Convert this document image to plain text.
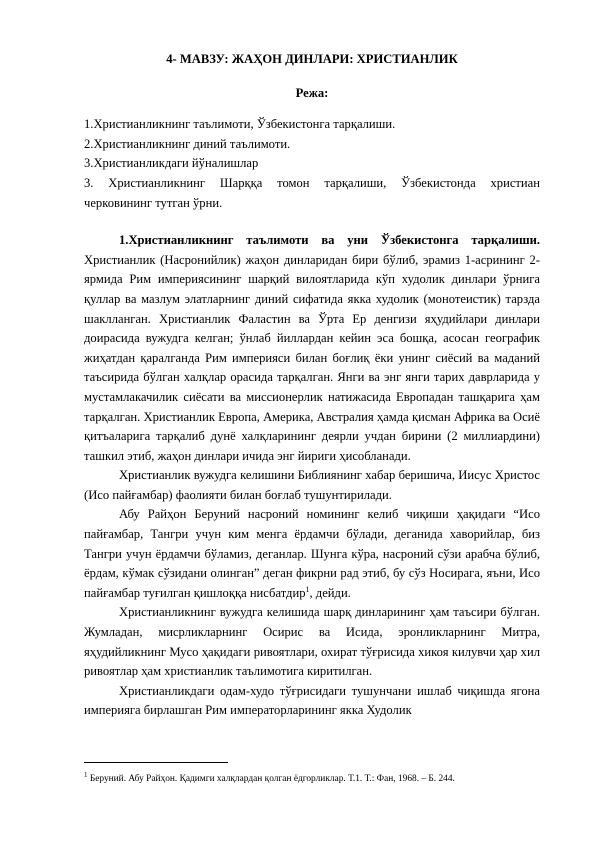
4- МАВЗУ: ЖАҲОН ДИНЛАРИ: ХРИСТИАНЛИК
Режа:
1.Христианликнинг таълимоти, Ўзбекистонга тарқалиши.
2.Христианликнинг диний таълимоти.
3.Христианликдаги йўналишлар
3. Христианликнинг Шарққа томон тарқалиши, Ўзбекистонда христиан черковининг тутган ўрни.

1.Христианликнинг таълимоти ва уни Ўзбекистонга тарқалиши. Христианлик (Насронийлик) жаҳон динларидан бири бўлиб, эрамиз 1-асрининг 2-ярмида Рим империясининг шарқий вилоятларида кўп худолик динлари ўрнига қуллар ва мазлум элатларнинг диний сифатида якка худолик (монотеистик) тарзда шаклланган. Христианлик Фаластин ва Ўрта Ер денгизи яҳудийлари динлари доирасида вужудга келган; ўнлаб йиллардан кейин эса бошқа, асосан географик жиҳатдан қаралганда Рим империяси билан боғлиқ ёки унинг сиёсий ва маданий таъсирида бўлган халқлар орасида тарқалган. Янги ва энг янги тарих даврларида у мустамлакачилик сиёсати ва миссионерлик натижасида Европадан ташқарига ҳам тарқалган. Христианлик Европа, Америка, Австралия ҳамда қисман Африка ва Осиё қитъаларига тарқалиб дунё халқларининг деярли учдан бирини (2 миллиардини) ташкил этиб, жаҳон динлари ичида энг йириги ҳисобланади.

Христианлик вужудга келишини Библиянинг хабар беришича, Иисус Христос (Исо пайғамбар) фаолияти билан боғлаб тушунтирилади.

Абу Райҳон Беруний насроний номининг келиб чиқиши ҳақидаги “Исо пайғамбар, Тангри учун ким менга ёрдамчи бўлади, деганида хаворийлар, биз Тангри учун ёрдамчи бўламиз, деганлар. Шунга кўра, насроний сўзи арабча бўлиб, ёрдам, кўмак сўзидани олинган” деган фикрни рад этиб, бу сўз Носирага, яъни, Исо пайғамбар туғилган қишлоққа нисбатдир$^1$, дейди.

Христианликнинг вужудга келишида шарқ динларининг ҳам таъсири бўлган. Жумладан, мисрликларнинг Осирис ва Исида, эронликларнинг Митра, яҳудийликнинг Мусо ҳақидаги ривоятлари, охират тўғрисида хикоя килувчи ҳар хил ривоятлар ҳам христианлик таълимотига киритилган.

Христианликдаги одам-худо тўғрисидаги тушунчани ишлаб чиқишда ягона империяга бирлашган Рим императорларининг якка Худолик

$^1$ Беруний. Абу Райҳон. Қадимги халқлардан қолган ёдгорликлар. Т.1. Т.: Фан, 1968. – Б. 244.
